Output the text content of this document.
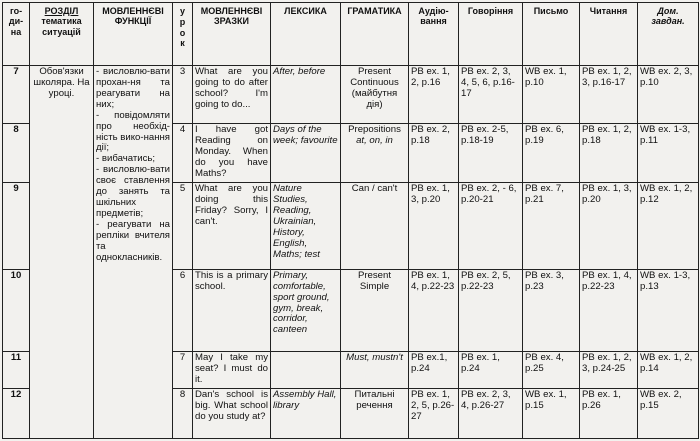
го-
ди-
на	РОЗДІЛ
тематика ситуацій	МОВЛЕННЄВІ ФУНКЦІЇ	у
р
о
к	МОВЛЕННЄВІ ЗРАЗКИ	ЛЕКСИКА	ГРАМАТИКА	Аудію-вання	Говоріння	Письмо	Читання	Дом. завдан.
7	Обов'язки школяра. На уроці.	- висловлю-вати прохан-ня та реагувати на них;
- повідомляти про необхід-ність вико-нання дії;
- вибачатись;
- висловлю-вати своє ставлення до занять та шкільних предметів;
- реагувати на репліки вчителя та однокласників.	3	What are you going to do after school? I'm going to do...	After, before	Present Continuous (майбутня дія)	PB ex. 1, 2, p.16	PB ex. 2, 3, 4, 5, 6, p.16-17	WB ex. 1, p.10	PB ex. 1, 2, 3, p.16-17	WB ex. 2, 3, p.10
8			4	I have got Reading on Monday. When do you have Maths?	Days of the week; favourite	Prepositions
at, on, in	PB ex. 2, p.18	PB ex. 2-5, p.18-19	PB ex. 6, p.19	PB ex. 1, 2, p.18	WB ex. 1-3, p.11
9			5	What are you doing this Friday? Sorry, I can't.	Nature Studies, Reading, Ukrainian, History, English, Maths; test	Can / can't	PB ex. 1, 3, p.20	PB ex. 2, - 6, p.20-21	PB ex. 7, p.21	PB ex. 1, 3, p.20	WB ex. 1, 2, p.12
10			6	This is a primary school.	Primary, comfortable, sport ground, gym, break, corridor, canteen	Present Simple	PB ex. 1, 4, p.22-23	PB ex. 2, 5, p.22-23	PB ex. 3, p.23	PB ex. 1, 4, p.22-23	WB ex. 1-3, p.13
11			7	May I take my seat? I must do it.		Must, mustn't	PB ex.1, p.24	PB ex. 1, p.24	PB ex. 4, p.25	PB ex. 1, 2, 3, p.24-25	WB ex. 1, 2, p.14
12			8	Dan's school is big. What school do you study at?	Assembly Hall, library	Питальні речення	PB ex. 1, 2, 5, p.26-27	PB ex. 2, 3, 4, p.26-27	WB ex. 1, p.15	PB ex. 1, p.26	WB ex. 2, p.15
